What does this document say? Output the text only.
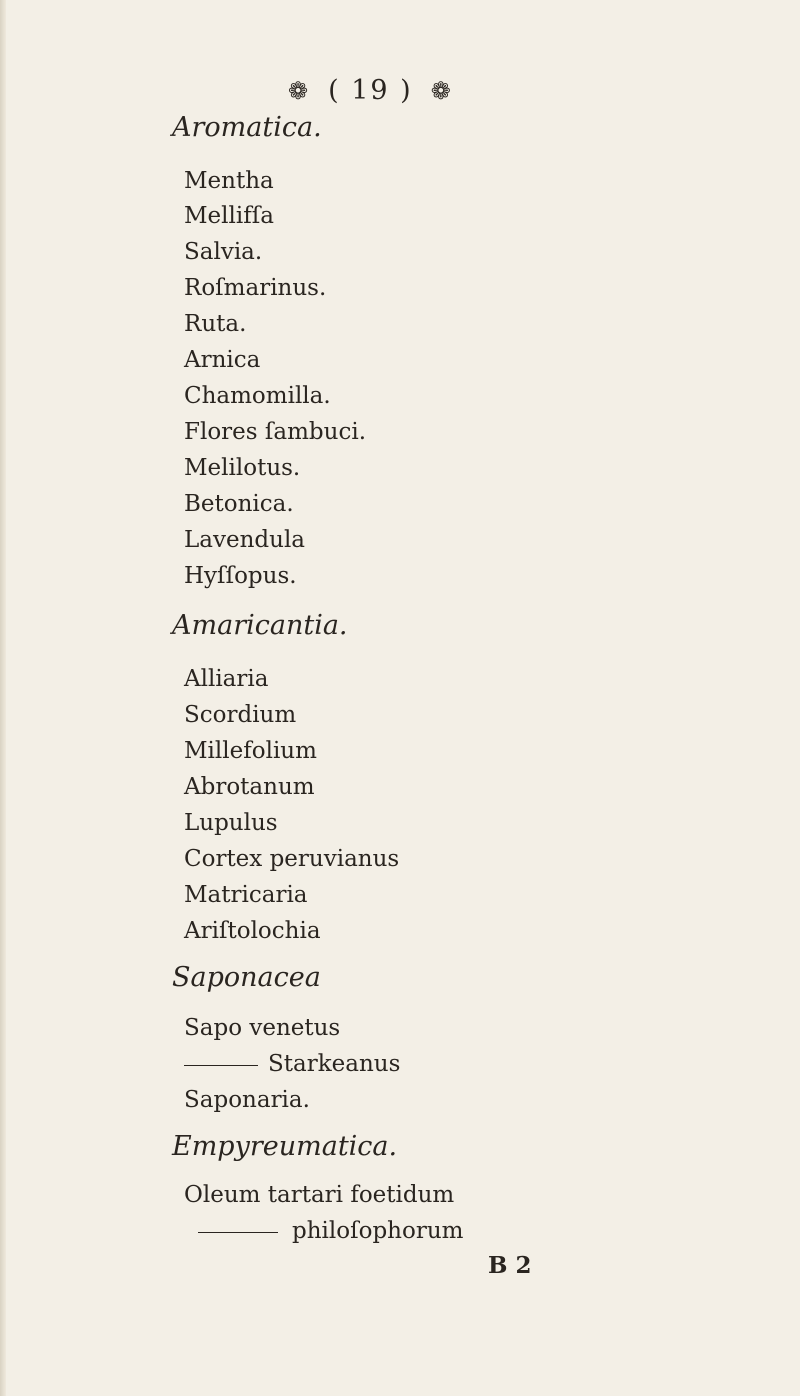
❁ ( 19 ) ❁
Aromatica.
Mentha
Mellifſa
Salvia.
Roſmarinus.
Ruta.
Arnica
Chamomilla.
Flores ſambuci.
Melilotus.
Betonica.
Lavendula
Hyſſopus.
Amaricantia.
Alliaria
Scordium
Millefolium
Abrotanum
Lupulus
Cortex peruvianus
Matricaria
Ariſtolochia
Saponacea
Sapo venetus
Starkeanus
Saponaria.
Empyreumatica.
Oleum tartari foetidum
philoſophorum
B 2
